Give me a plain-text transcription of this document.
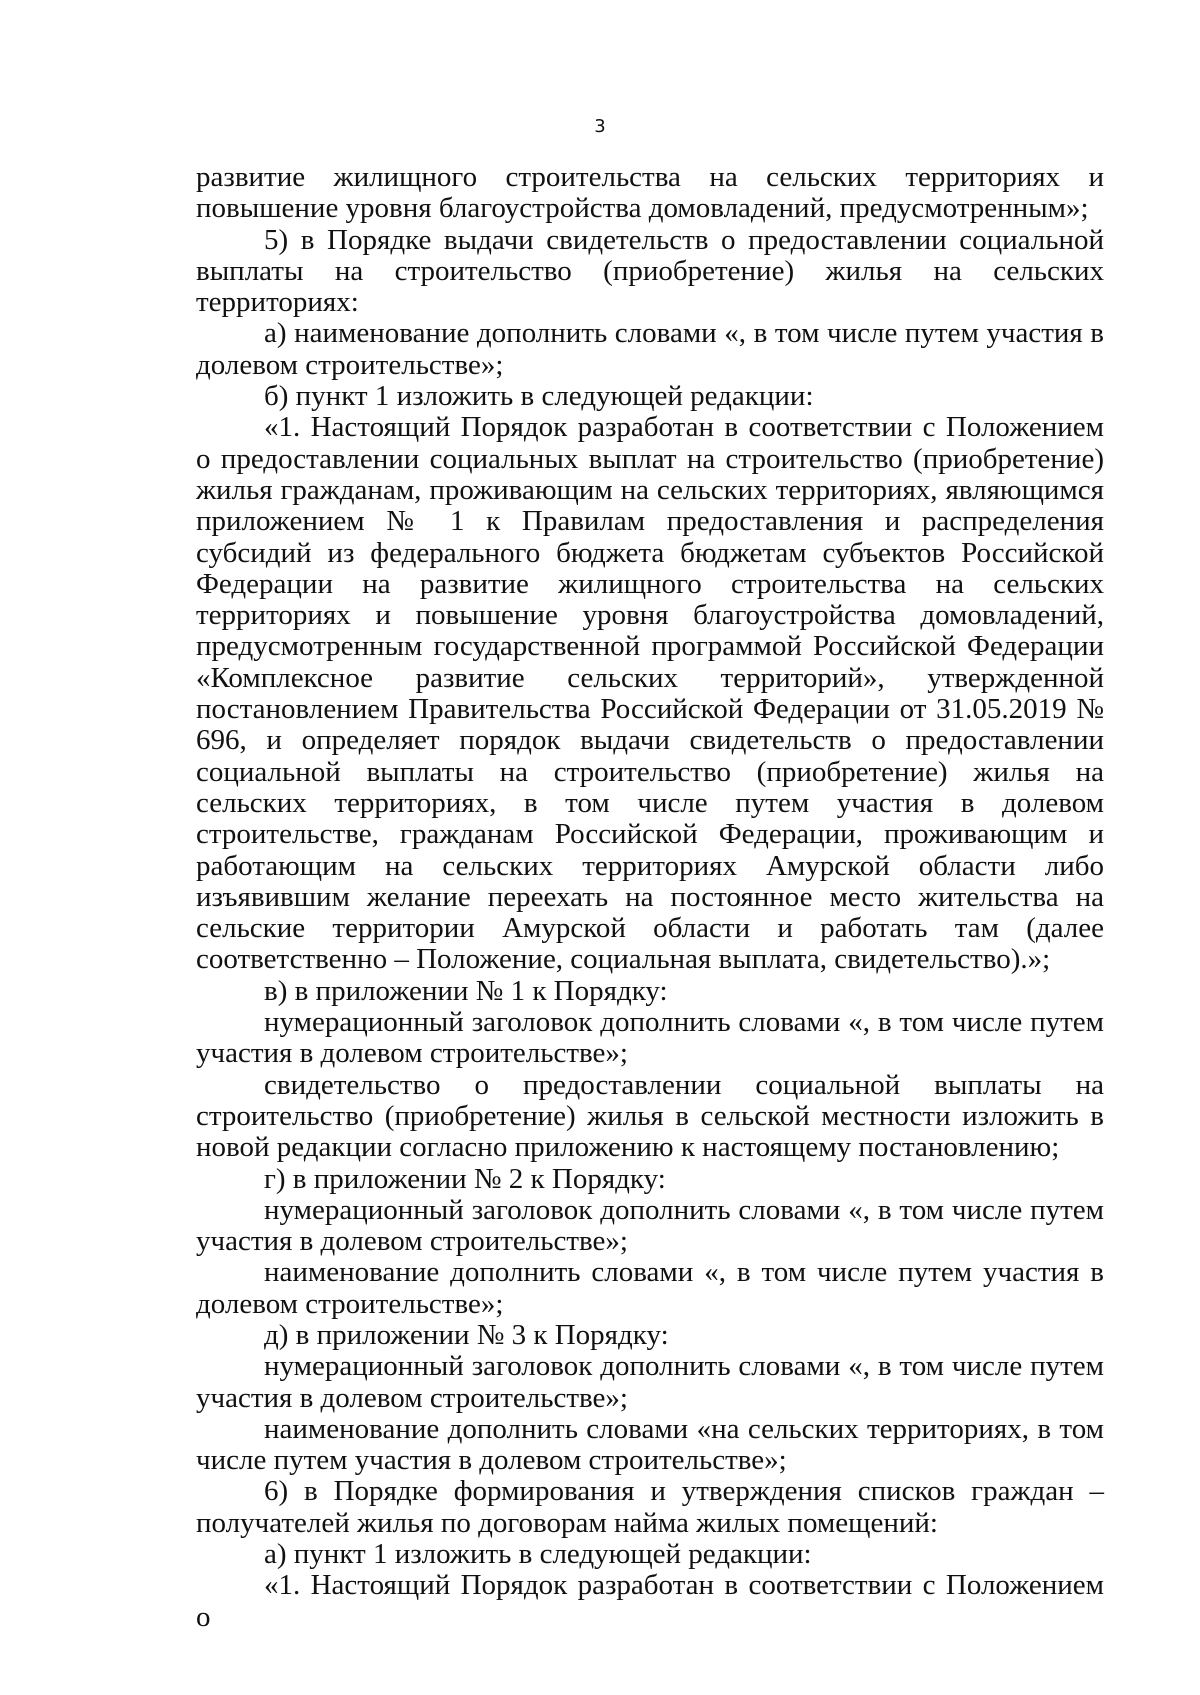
3

развитие жилищного строительства на сельских территориях и повышение уровня благоустройства домовладений, предусмотренным»;

5) в Порядке выдачи свидетельств о предоставлении социальной выплаты на строительство (приобретение) жилья на сельских территориях:

а) наименование дополнить словами «, в том числе путем участия в долевом строительстве»;

б) пункт 1 изложить в следующей редакции:

«1. Настоящий Порядок разработан в соответствии с Положением о предоставлении социальных выплат на строительство (приобретение) жилья гражданам, проживающим на сельских территориях, являющимся приложением № 1 к Правилам предоставления и распределения субсидий из федерального бюджета бюджетам субъектов Российской Федерации на развитие жилищного строительства на сельских территориях и повышение уровня благоустройства домовладений, предусмотренным государственной программой Российской Федерации «Комплексное развитие сельских территорий», утвержденной постановлением Правительства Российской Федерации от 31.05.2019 № 696, и определяет порядок выдачи свидетельств о предоставлении социальной выплаты на строительство (приобретение) жилья на сельских территориях, в том числе путем участия в долевом строительстве, гражданам Российской Федерации, проживающим и работающим на сельских территориях Амурской области либо изъявившим желание переехать на постоянное место жительства на сельские территории Амурской области и работать там (далее соответственно – Положение, социальная выплата, свидетельство).»;

в) в приложении № 1 к Порядку:

нумерационный заголовок дополнить словами «, в том числе путем участия в долевом строительстве»;

свидетельство о предоставлении социальной выплаты на строительство (приобретение) жилья в сельской местности изложить в новой редакции согласно приложению к настоящему постановлению;

г) в приложении № 2 к Порядку:

нумерационный заголовок дополнить словами «, в том числе путем участия в долевом строительстве»;

наименование дополнить словами «, в том числе путем участия в долевом строительстве»;

д) в приложении № 3 к Порядку:

нумерационный заголовок дополнить словами «, в том числе путем участия в долевом строительстве»;

наименование дополнить словами «на сельских территориях, в том числе путем участия в долевом строительстве»;

6) в Порядке формирования и утверждения списков граждан – получателей жилья по договорам найма жилых помещений:

а) пункт 1 изложить в следующей редакции:

«1. Настоящий Порядок разработан в соответствии с Положением о
